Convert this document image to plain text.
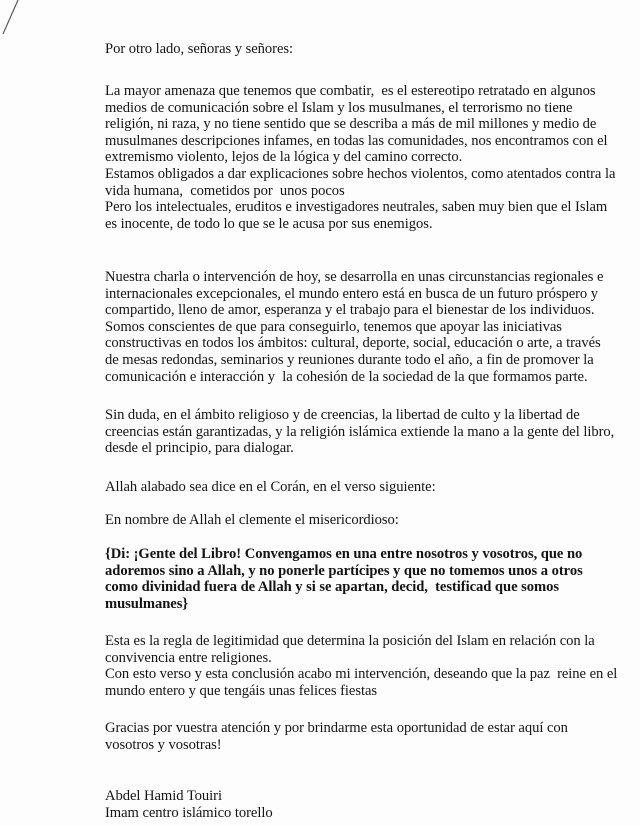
Por otro lado, señoras y señores:

La mayor amenaza que tenemos que combatir,  es el estereotipo retratado en algunos
medios de comunicación sobre el Islam y los musulmanes, el terrorismo no tiene
religión, ni raza, y no tiene sentido que se describa a más de mil millones y medio de
musulmanes descripciones infames, en todas las comunidades, nos encontramos con el
extremismo violento, lejos de la lógica y del camino correcto.
Estamos obligados a dar explicaciones sobre hechos violentos, como atentados contra la
vida humana,  cometidos por  unos pocos
Pero los intelectuales, eruditos e investigadores neutrales, saben muy bien que el Islam
es inocente, de todo lo que se le acusa por sus enemigos.

Nuestra charla o intervención de hoy, se desarrolla en unas circunstancias regionales e
internacionales excepcionales, el mundo entero está en busca de un futuro próspero y
compartido, lleno de amor, esperanza y el trabajo para el bienestar de los individuos.
Somos conscientes de que para conseguirlo, tenemos que apoyar las iniciativas
constructivas en todos los ámbitos: cultural, deporte, social, educación o arte, a través
de mesas redondas, seminarios y reuniones durante todo el año, a fin de promover la
comunicación e interacción y  la cohesión de la sociedad de la que formamos parte.

Sin duda, en el ámbito religioso y de creencias, la libertad de culto y la libertad de
creencias están garantizadas, y la religión islámica extiende la mano a la gente del libro,
desde el principio, para dialogar.

Allah alabado sea dice en el Corán, en el verso siguiente:

En nombre de Allah el clemente el misericordioso:

{Di: ¡Gente del Libro! Convengamos en una entre nosotros y vosotros, que no
adoremos sino a Allah, y no ponerle partícipes y que no tomemos unos a otros
como divinidad fuera de Allah y si se apartan, decid,  testificad que somos
musulmanes}

Esta es la regla de legitimidad que determina la posición del Islam en relación con la
convivencia entre religiones.
Con esto verso y esta conclusión acabo mi intervención, deseando que la paz  reine en el
mundo entero y que tengáis unas felices fiestas

Gracias por vuestra atención y por brindarme esta oportunidad de estar aquí con
vosotros y vosotras!

Abdel Hamid Touiri
Imam centro islámico torello
